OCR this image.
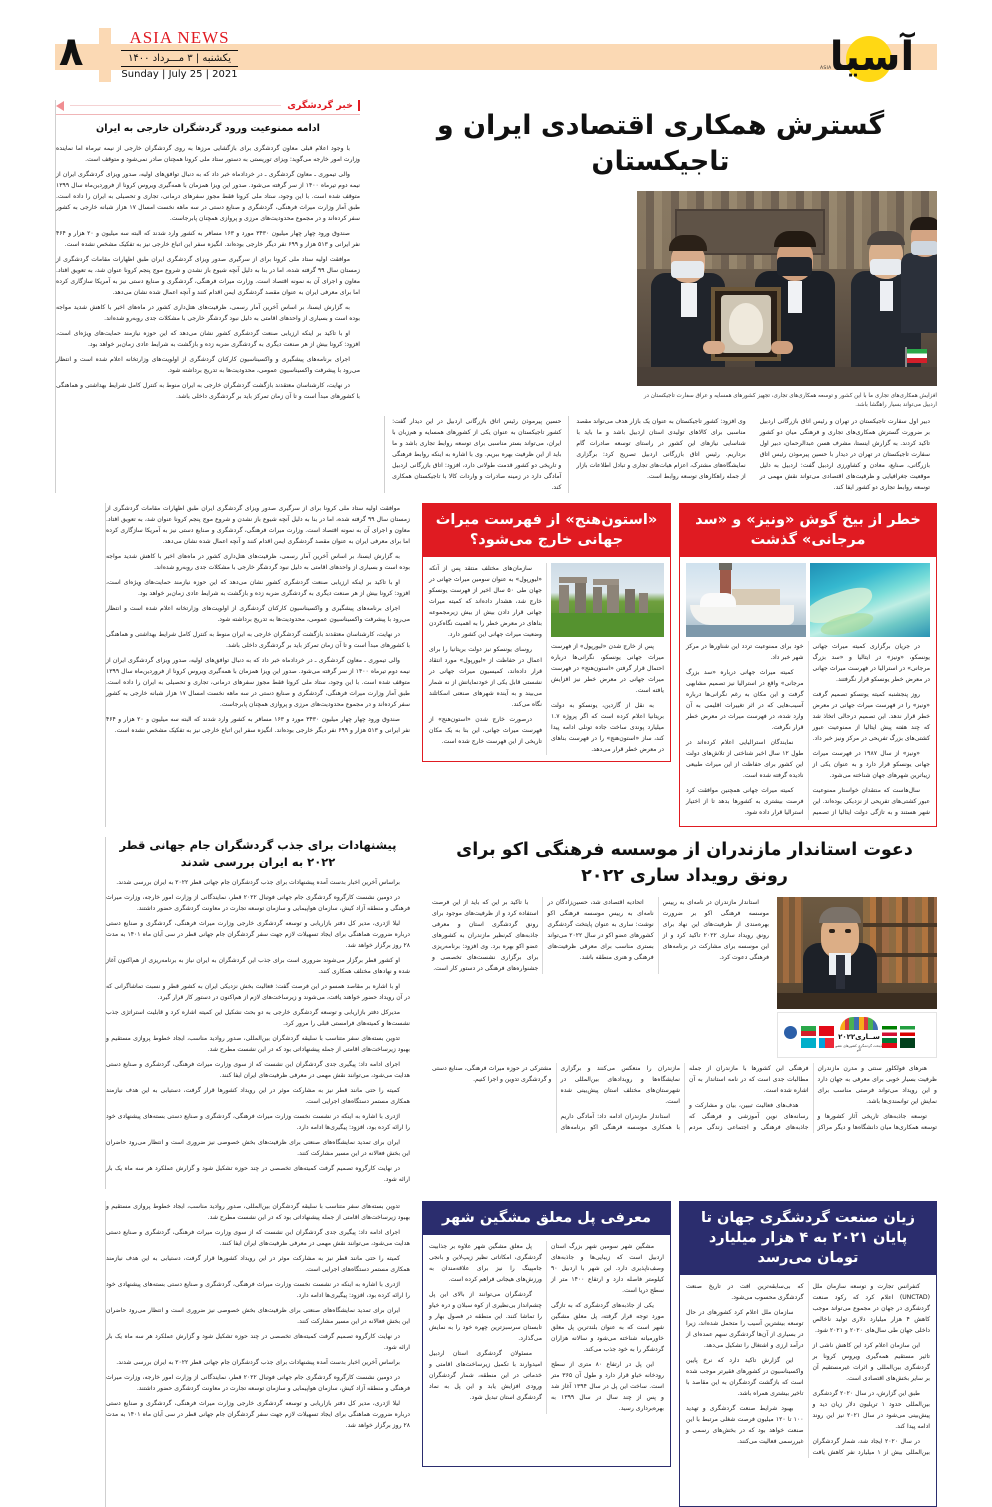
آسیا
ASIA
۸	ASIA NEWS
یکشنبه | ۳ مـــرداد ۱۴۰۰
Sunday | July 25 | 2021
گسترش همکاری اقتصادی ایران و تاجیکستان
افزایش همکاری‌های تجاری ما با این کشور و توسعه همکاری‌های تجاری، تجهیز کشورهای همسایه و عراق سفارت تاجیکستان در اردبیل می‌تواند بسیار راهگشا باشد.
دبیر اول سفارت تاجیکستان در تهران و رئیس اتاق بازرگانی اردبیل بر ضرورت گسترش همکاری‌های تجاری و فرهنگی میان دو کشور تاکید کردند. به گزارش اینستا، مشرف هسن عبدالرحمان، دبیر اول سفارت تاجیکستان در تهران در دیدار با حسین پیرموذن رئیس اتاق بازرگانی، صنایع، معادن و کشاورزی اردبیل گفت: اردبیل به دلیل موقعیت جغرافیایی و ظرفیت‌های اقتصادی می‌تواند نقش مهمی در توسعه روابط تجاری دو کشور ایفا کند.
وی افزود: کشور تاجیکستان به عنوان یک بازار هدف می‌تواند مقصد مناسبی برای کالاهای تولیدی استان اردبیل باشد و ما باید با شناسایی نیازهای این کشور در راستای توسعه صادرات گام برداریم. رئیس اتاق بازرگانی اردبیل تصریح کرد: برگزاری نمایشگاه‌های مشترک، اعزام هیات‌های تجاری و تبادل اطلاعات بازار از جمله راهکارهای توسعه روابط است.
حسین پیرموذن رئیس اتاق بازرگانی اردبیل در این دیدار گفت: کشور تاجیکستان به عنوان یکی از کشورهای همسایه و هم‌زبان با ایران، می‌تواند بستر مناسبی برای توسعه روابط تجاری باشد و ما باید از این ظرفیت بهره ببریم. وی با اشاره به اینکه روابط فرهنگی و تاریخی دو کشور قدمت طولانی دارد، افزود: اتاق بازرگانی اردبیل آمادگی دارد در زمینه صادرات و واردات کالا با تاجیکستان همکاری کند.
خبر گردشگری
ادامه ممنوعیت ورود گردشگران خارجی به ایران

با وجود اعلام قبلی معاون گردشگری برای بازگشایی مرزها به روی گردشگران خارجی از نیمه تیرماه اما نماینده وزارت امور خارجه می‌گوید: ویزای توریستی به دستور ستاد ملی کرونا همچنان صادر نمی‌شود و متوقف است.

والی تیموری ـ معاون گردشگری ـ در خردادماه خبر داد که به دنبال توافق‌های اولیه، صدور ویزای گردشگری ایران از نیمه دوم تیرماه ۱۴۰۰ از سر گرفته می‌شود. صدور این ویزا همزمان با همه‌گیری ویروس کرونا از فروردین‌ماه سال ۱۳۹۹ متوقف شده است. با این وجود، ستاد ملی کرونا فقط مجوز سفرهای درمانی، تجاری و تحصیلی به ایران را داده است. طبق آمار وزارت میراث فرهنگی، گردشگری و صنایع دستی در سه ماهه نخست امسال ۱۷ هزار شبانه خارجی به کشور سفر کرده‌اند و در مجموع محدودیت‌های مرزی و پروازی همچنان پابرجاست.

صندوق ورود چهار چهار میلیون ۳۴۳۰ مورد و ۱۶۳ مسافر به کشور وارد شدند که البته سه میلیون و ۲۰ هزار و ۴۶۴ نفر ایرانی و ۵۱۳ هزار و ۶۹۹ نفر دیگر خارجی بوده‌اند. انگیزه سفر این اتباع خارجی نیز به تفکیک مشخص نشده است.

موافقت اولیه ستاد ملی کرونا برای از سرگیری صدور ویزای گردشگری ایران طبق اظهارات مقامات گردشگری از زمستان سال ۹۹ گرفته شده، اما در بنا به دلیل آنچه شیوع باز نشدن و شروع موج پنجم کرونا عنوان شد، به تعویق افتاد. معاون و اجرای آن به نمونه اقتصاد است. وزارت میراث فرهنگی، گردشگری و صنایع دستی نیز به آمریکا سازگاری کرده اما برای معرفی ایران به عنوان مقصد گردشگری ایمن اقدام کنند و آنچه اعمال شده نشان می‌دهد.

به گزارش ایسنا، بر اساس آخرین آمار رسمی، ظرفیت‌های هتل‌داری کشور در ماه‌های اخیر با کاهش شدید مواجه بوده است و بسیاری از واحدهای اقامتی به دلیل نبود گردشگر خارجی با مشکلات جدی روبه‌رو شده‌اند.

او با تاکید بر اینکه ارزیابی صنعت گردشگری کشور نشان می‌دهد که این حوزه نیازمند حمایت‌های ویژه‌ای است، افزود: کرونا بیش از هر صنعت دیگری به گردشگری ضربه زده و بازگشت به شرایط عادی زمان‌بر خواهد بود.

اجرای برنامه‌های پیشگیری و واکسیناسیون کارکنان گردشگری از اولویت‌های وزارتخانه اعلام شده است و انتظار می‌رود با پیشرفت واکسیناسیون عمومی، محدودیت‌ها به تدریج برداشته شود.

در نهایت، کارشناسان معتقدند بازگشت گردشگران خارجی به ایران منوط به کنترل کامل شرایط بهداشتی و هماهنگی با کشورهای مبدأ است و تا آن زمان تمرکز باید بر گردشگری داخلی باشد.

خطر از بیخ گوش «ونیز» و «سد مرجانی» گذشت

در جریان برگزاری کمیته میراث جهانی یونسکو، «ونیز» در ایتالیا و «سد بزرگ مرجانی» در استرالیا در فهرست میراث جهانی در معرض خطر یونسکو قرار نگرفتند.

روز پنجشنبه کمیته یونسکو تصمیم گرفت «ونیز» را در فهرست میراث جهانی در معرض خطر قرار ندهد. این تصمیم درحالی اتخاذ شد که چند هفته پیش ایتالیا از ممنوعیت عبور کشتی‌های بزرگ تفریحی در مرکز ونیز خبر داد.

«ونیز» از سال ۱۹۸۷ در فهرست میراث جهانی یونسکو قرار دارد و به عنوان یکی از زیباترین شهرهای جهان شناخته می‌شود.

سال‌هاست که منتقدان خواستار ممنوعیت عبور کشتی‌های تفریحی از نزدیکی بوده‌اند. این شهر هستند و به تازگی دولت ایتالیا از تصمیم خود برای ممنوعیت تردد این شناورها در مرکز شهر خبر داد.

کمیته میراث جهانی درباره «سد بزرگ مرجانی» واقع در استرالیا نیز تصمیم مشابهی گرفت و این مکان به رغم نگرانی‌ها درباره آسیب‌هایی که در اثر تغییرات اقلیمی به آن وارد شده، در فهرست میراث در معرض خطر قرار نگرفت.

نمایندگان استرالیایی اعلام کرده‌اند در طول ۱۲ سال اخیر شناختی از تلاش‌های دولت این کشور برای حفاظت از این میراث طبیعی نادیده گرفته شده است.

کمیته میراث جهانی همچنین موافقت کرد فرصت بیشتری به کشورها بدهد تا از اختیار استرالیا قرار داده شود.

«استون‌هنج» از فهرست میراث جهانی خارج می‌شود؟

پس از خارج شدن «لیورپول» از فهرست میراث جهانی یونسکو، نگرانی‌ها درباره احتمال قرار گرفتن «استون‌هنج» در فهرست میراث جهانی در معرض خطر نیز افزایش یافته است.

به نقل از گاردین، یونسکو به دولت بریتانیا اعلام کرده است که اگر پروژه ۱.۷ میلیارد پوندی ساخت جاده تونلی ادامه پیدا کند، ساز «استون‌هنج» را در فهرست بناهای در معرض خطر قرار می‌دهد.

سازمان‌های مختلف منتقد پس از آنکه «لیورپول» به عنوان سومین میراث جهانی در جهان طی ۵۰ سال اخیر از فهرست یونسکو خارج شد، هشدار داده‌اند که کمیته میراث جهانی قرار دادن بیش از بیش زیرمجموعه بناهای در معرض خطر را به اهمیت نگاه‌کردن وضعیت میراث جهانی این کشور دارد.

روسای یونسکو نیز دولت بریتانیا را برای اعمال در حفاظت از «لیورپول» مورد انتقاد قرار داده‌اند، کمیسیون میراث جهانی در نشستی قابل یکی از خودنمایانش از نه شمار می‌بیند و به آینده شهرهای صنعتی اسکاتلند نگاه می‌کند.

درصورت خارج شدن «استون‌هنج» از فهرست میراث جهانی، این بنا به یک مکان تاریخی از این فهرست خارج شده است.

موافقت اولیه ستاد ملی کرونا برای از سرگیری صدور ویزای گردشگری ایران طبق اظهارات مقامات گردشگری از زمستان سال ۹۹ گرفته شده، اما در بنا به دلیل آنچه شیوع باز نشدن و شروع موج پنجم کرونا عنوان شد، به تعویق افتاد. معاون و اجرای آن به نمونه اقتصاد است. وزارت میراث فرهنگی، گردشگری و صنایع دستی نیز به آمریکا سازگاری کرده اما برای معرفی ایران به عنوان مقصد گردشگری ایمن اقدام کنند و آنچه اعمال شده نشان می‌دهد.

به گزارش ایسنا، بر اساس آخرین آمار رسمی، ظرفیت‌های هتل‌داری کشور در ماه‌های اخیر با کاهش شدید مواجه بوده است و بسیاری از واحدهای اقامتی به دلیل نبود گردشگر خارجی با مشکلات جدی روبه‌رو شده‌اند.

او با تاکید بر اینکه ارزیابی صنعت گردشگری کشور نشان می‌دهد که این حوزه نیازمند حمایت‌های ویژه‌ای است، افزود: کرونا بیش از هر صنعت دیگری به گردشگری ضربه زده و بازگشت به شرایط عادی زمان‌بر خواهد بود.

اجرای برنامه‌های پیشگیری و واکسیناسیون کارکنان گردشگری از اولویت‌های وزارتخانه اعلام شده است و انتظار می‌رود با پیشرفت واکسیناسیون عمومی، محدودیت‌ها به تدریج برداشته شود.

در نهایت، کارشناسان معتقدند بازگشت گردشگران خارجی به ایران منوط به کنترل کامل شرایط بهداشتی و هماهنگی با کشورهای مبدأ است و تا آن زمان تمرکز باید بر گردشگری داخلی باشد.

والی تیموری ـ معاون گردشگری ـ در خردادماه خبر داد که به دنبال توافق‌های اولیه، صدور ویزای گردشگری ایران از نیمه دوم تیرماه ۱۴۰۰ از سر گرفته می‌شود. صدور این ویزا همزمان با همه‌گیری ویروس کرونا از فروردین‌ماه سال ۱۳۹۹ متوقف شده است. با این وجود، ستاد ملی کرونا فقط مجوز سفرهای درمانی، تجاری و تحصیلی به ایران را داده است. طبق آمار وزارت میراث فرهنگی، گردشگری و صنایع دستی در سه ماهه نخست امسال ۱۷ هزار شبانه خارجی به کشور سفر کرده‌اند و در مجموع محدودیت‌های مرزی و پروازی همچنان پابرجاست.

صندوق ورود چهار چهار میلیون ۳۴۳۰ مورد و ۱۶۳ مسافر به کشور وارد شدند که البته سه میلیون و ۲۰ هزار و ۴۶۴ نفر ایرانی و ۵۱۳ هزار و ۶۹۹ نفر دیگر خارجی بوده‌اند. انگیزه سفر این اتباع خارجی نیز به تفکیک مشخص نشده است.

دعوت استاندار مازندران از موسسه فرهنگی اکو برای رونق رویداد ساری ۲۰۲۲
ســاری۲۰۲۲
پایتخت گردشگری کشورهای عضو اکو

استاندار مازندران در نامه‌ای به رییس موسسه فرهنگی اکو بر ضرورت بهره‌مندی از ظرفیت‌های این نهاد برای رونق رویداد ساری ۲۰۲۲ تاکید کرد و از این موسسه برای مشارکت در برنامه‌های فرهنگی دعوت کرد.

اتحادیه اقتصادی شد، حسین‌زادگان در نامه‌ای به رییس موسسه فرهنگی اکو نوشت: ساری به عنوان پایتخت گردشگری کشورهای عضو اکو در سال ۲۰۲۲ می‌تواند بستری مناسب برای معرفی ظرفیت‌های فرهنگی و هنری منطقه باشد.

با تاکید بر این که باید از این فرصت استفاده کرد و از ظرفیت‌های موجود برای رونق گردشگری استان و معرفی جاذبه‌های کم‌نظیر مازندران به کشورهای عضو اکو بهره برد. وی افزود: برنامه‌ریزی برای برگزاری نشست‌های تخصصی و جشنواره‌های فرهنگی در دستور کار است.

هنرهای فولکلور سنتی و مدرن مازندران ظرفیت بسیار خوبی برای معرفی به جهان دارد و این رویداد می‌تواند فرصتی مناسب برای نمایش این توانمندی‌ها باشد.

توسعه جاذبه‌های تاریخی آثار کشورها و توسعه همکاری‌ها میان دانشگاه‌ها و دیگر مراکز فرهنگی این کشورها با مازندران از جمله مطالبات جدی است که در نامه استاندار به آن اشاره شده است.

هدف‌های فعالیت تبیین، بیان و مشارکت و رسانه‌های نوین آموزشی و فرهنگی که جاذبه‌های فرهنگی و اجتماعی زندگی مردم مازندران را منعکس می‌کنند و برگزاری نمایشگاه‌ها و رویدادهای بین‌المللی در شهرستان‌های مختلف استان پیش‌بینی شده است.

استاندار مازندران ادامه داد: آمادگی داریم با همکاری موسسه فرهنگی اکو برنامه‌های مشترکی در حوزه میراث فرهنگی، صنایع دستی و گردشگری تدوین و اجرا کنیم.

پیشنهادات برای جذب گردشگران جام جهانی قطر ۲۰۲۲ به ایران بررسی شدند

براساس آخرین اخبار بدست آمده پیشنهادات برای جذب گردشگران جام جهانی قطر ۲۰۲۲ به ایران بررسی شدند.

در دومین نشست کارگروه گردشگری جام جهانی فوتبال ۲۰۲۲ قطر، نمایندگانی از وزارت امور خارجه، وزارت میراث فرهنگی و منطقه آزاد کیش، سازمان هواپیمایی و سازمان توسعه تجارت در معاونت گردشگری حضور داشتند.

لیلا اژدری، مدیر کل دفتر بازاریابی و توسعه گردشگری خارجی وزارت میراث فرهنگی، گردشگری و صنایع دستی درباره ضرورت هماهنگی برای ایجاد تسهیلات لازم جهت سفر گردشگران جام جهانی قطر در سی آبان ماه ۱۴۰۱ به مدت ۲۸ روز برگزار خواهد شد.

او کشور قطر برگزار می‌شوند ضروری است برای جذب این گردشگران به ایران نیاز به برنامه‌ریزی از هم‌اکنون آغاز شده و نهادهای مختلف همکاری کنند.

او با اشاره بر مقاصد همسو در این فرصت گفت: فعالیت بخش نزدیکی ایران به کشور قطر و نسبت تماشاگرانی که در آن رویداد حضور خواهند یافت، می‌شوند و زیرساخت‌های لازم از هم‌اکنون در دستور کار قرار گیرد.

مدیرکل دفتر بازاریابی و توسعه گردشگری خارجی به دو بحث نشکیل این کمیته اشاره کرد و قابلیت استراتژی جذب نشست‌ها و کمیته‌های فرامستی قبلی را مرور کرد.

تدوین بسته‌های سفر متناسب با سلیقه گردشگران بین‌المللی، صدور روادید مناسب، ایجاد خطوط پروازی مستقیم و بهبود زیرساخت‌های اقامتی از جمله پیشنهاداتی بود که در این نشست مطرح شد.

اجرای ادامه داد: پیگیری جدی گردشگران این نشست که از سوی وزارت میراث فرهنگی، گردشگری و صنایع دستی هدایت می‌شود، می‌توانند نقش مهمی در معرفی ظرفیت‌های ایران ایفا کنند.

کمیته را حتی مانند قطر نیز به مشارکت موثر در این رویداد کشورها قرار گرفت، دستیابی به این هدف نیازمند همکاری مستمر دستگاه‌های اجرایی است.

اژدری با اشاره به اینکه در نشست نخست وزارت میراث فرهنگی، گردشگری و صنایع دستی بسته‌های پیشنهادی خود را ارائه کرده بود، افزود: پیگیری‌ها ادامه دارد.

ایران برای تمدید نمایشگاه‌های صنعتی برای ظرفیت‌های بخش خصوصی نیز ضروری است و انتظار می‌رود حاضران این بخش فعالانه در این مسیر مشارکت کنند.

در نهایت کارگروه تصمیم گرفت کمیته‌های تخصصی در چند حوزه تشکیل شود و گزارش عملکرد هر سه ماه یک بار ارائه شود.

زیان صنعت گردشگری جهان تا پایان ۲۰۲۱ به ۴ هزار میلیارد تومان می‌رسد

کنفرانس تجارت و توسعه سازمان ملل (UNCTAD) اعلام کرد که رکود صنعت گردشگری در جهان در مجموع می‌تواند موجب کاهش ۴ هزار میلیارد دلاری تولید ناخالص داخلی جهان طی سال‌های ۲۰۲۰ و ۲۰۲۱ شود.

این سازمان اعلام کرد این کاهش ناشی از تاثیر مستقیم همه‌گیری ویروس کرونا بر گردشگری بین‌المللی و اثرات غیرمستقیم آن بر سایر بخش‌های اقتصادی است.

طبق این گزارش، در سال ۲۰۲۰ گردشگری بین‌المللی حدود ۱ تریلیون دلار زیان دید و پیش‌بینی می‌شود در سال ۲۰۲۱ نیز این روند ادامه پیدا کند.

در سال ۲۰۲۰ ایجاد شد، شمار گردشگران بین‌المللی بیش از ۱ میلیارد نفر کاهش یافت که بی‌سابقه‌ترین افت در تاریخ صنعت گردشگری محسوب می‌شود.

سازمان ملل اعلام کرد کشورهای در حال توسعه بیشترین آسیب را متحمل شده‌اند، زیرا در بسیاری از آن‌ها گردشگری سهم عمده‌ای از درآمد ارزی و اشتغال را تشکیل می‌دهد.

این گزارش تاکید دارد که نرخ پایین واکسیناسیون در کشورهای فقیرتر موجب شده است که بازگشت گردشگران به این مقاصد با تاخیر بیشتری همراه باشد.

بهبود شرایط صنعت گردشگری و تهدید ۱۰۰ تا ۱۲۰ میلیون فرصت شغلی مرتبط با این صنعت خواهد بود که در بخش‌های رسمی و غیررسمی فعالیت می‌کنند.

معرفی پل معلق مشگین شهر

مشگین شهر سومین شهر بزرگ استان اردبیل است که زیبایی‌ها و جاذبه‌های وصف‌ناپذیری دارد. این شهر با اردبیل ۹۰ کیلومتر فاصله دارد و ارتفاع ۱۴۰۰ متر از سطح دریا است.

یکی از جاذبه‌های گردشگری که به تازگی مورد توجه قرار گرفته، پل معلق مشگین شهر است که به عنوان بلندترین پل معلق خاورمیانه شناخته می‌شود و سالانه هزاران گردشگر را به خود جذب می‌کند.

این پل در ارتفاع ۸۰ متری از سطح رودخانه خیاو قرار دارد و طول آن ۳۶۵ متر است. ساخت این پل در سال ۱۳۹۴ آغاز شد و پس از چند سال در سال ۱۳۹۹ به بهره‌برداری رسید.

پل معلق مشگین شهر علاوه بر جذابیت گردشگری، امکاناتی نظیر زیپ‌لاین و بانجی جامپینگ را نیز برای علاقه‌مندان به ورزش‌های هیجانی فراهم کرده است.

گردشگران می‌توانند از بالای این پل چشم‌انداز بی‌نظیری از کوه سبلان و دره خیاو را تماشا کنند. این منطقه در فصول بهار و تابستان سرسبزترین چهره خود را به نمایش می‌گذارد.

مسئولان گردشگری استان اردبیل امیدوارند با تکمیل زیرساخت‌های اقامتی و خدماتی در این منطقه، شمار گردشگران ورودی افزایش یابد و این پل به نماد گردشگری استان تبدیل شود.

تدوین بسته‌های سفر متناسب با سلیقه گردشگران بین‌المللی، صدور روادید مناسب، ایجاد خطوط پروازی مستقیم و بهبود زیرساخت‌های اقامتی از جمله پیشنهاداتی بود که در این نشست مطرح شد.

اجرای ادامه داد: پیگیری جدی گردشگران این نشست که از سوی وزارت میراث فرهنگی، گردشگری و صنایع دستی هدایت می‌شود، می‌توانند نقش مهمی در معرفی ظرفیت‌های ایران ایفا کنند.

کمیته را حتی مانند قطر نیز به مشارکت موثر در این رویداد کشورها قرار گرفت، دستیابی به این هدف نیازمند همکاری مستمر دستگاه‌های اجرایی است.

اژدری با اشاره به اینکه در نشست نخست وزارت میراث فرهنگی، گردشگری و صنایع دستی بسته‌های پیشنهادی خود را ارائه کرده بود، افزود: پیگیری‌ها ادامه دارد.

ایران برای تمدید نمایشگاه‌های صنعتی برای ظرفیت‌های بخش خصوصی نیز ضروری است و انتظار می‌رود حاضران این بخش فعالانه در این مسیر مشارکت کنند.

در نهایت کارگروه تصمیم گرفت کمیته‌های تخصصی در چند حوزه تشکیل شود و گزارش عملکرد هر سه ماه یک بار ارائه شود.

براساس آخرین اخبار بدست آمده پیشنهادات برای جذب گردشگران جام جهانی قطر ۲۰۲۲ به ایران بررسی شدند.

در دومین نشست کارگروه گردشگری جام جهانی فوتبال ۲۰۲۲ قطر، نمایندگانی از وزارت امور خارجه، وزارت میراث فرهنگی و منطقه آزاد کیش، سازمان هواپیمایی و سازمان توسعه تجارت در معاونت گردشگری حضور داشتند.

لیلا اژدری، مدیر کل دفتر بازاریابی و توسعه گردشگری خارجی وزارت میراث فرهنگی، گردشگری و صنایع دستی درباره ضرورت هماهنگی برای ایجاد تسهیلات لازم جهت سفر گردشگران جام جهانی قطر در سی آبان ماه ۱۴۰۱ به مدت ۲۸ روز برگزار خواهد شد.
